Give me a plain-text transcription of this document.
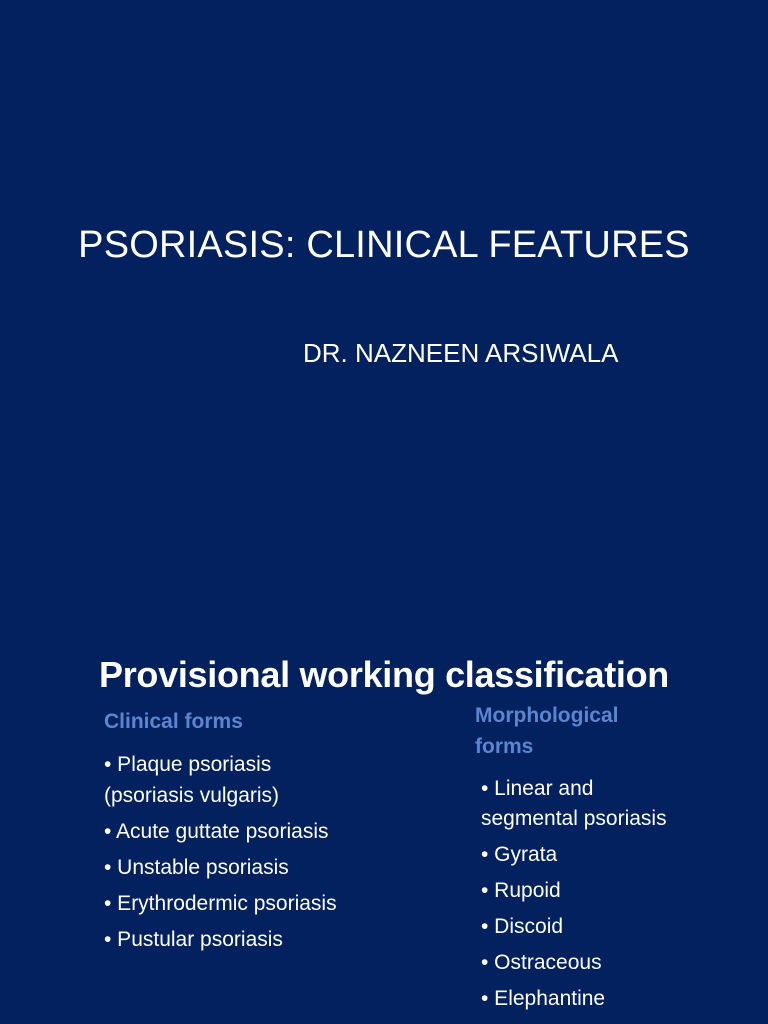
PSORIASIS: CLINICAL FEATURES
DR. NAZNEEN ARSIWALA
Provisional working classification
Clinical forms
• Plaque psoriasis (psoriasis vulgaris)
• Acute guttate psoriasis
• Unstable psoriasis
• Erythrodermic psoriasis
• Pustular psoriasis
Morphological forms
• Linear and segmental psoriasis
• Gyrata
• Rupoid
• Discoid
• Ostraceous
• Elephantine
